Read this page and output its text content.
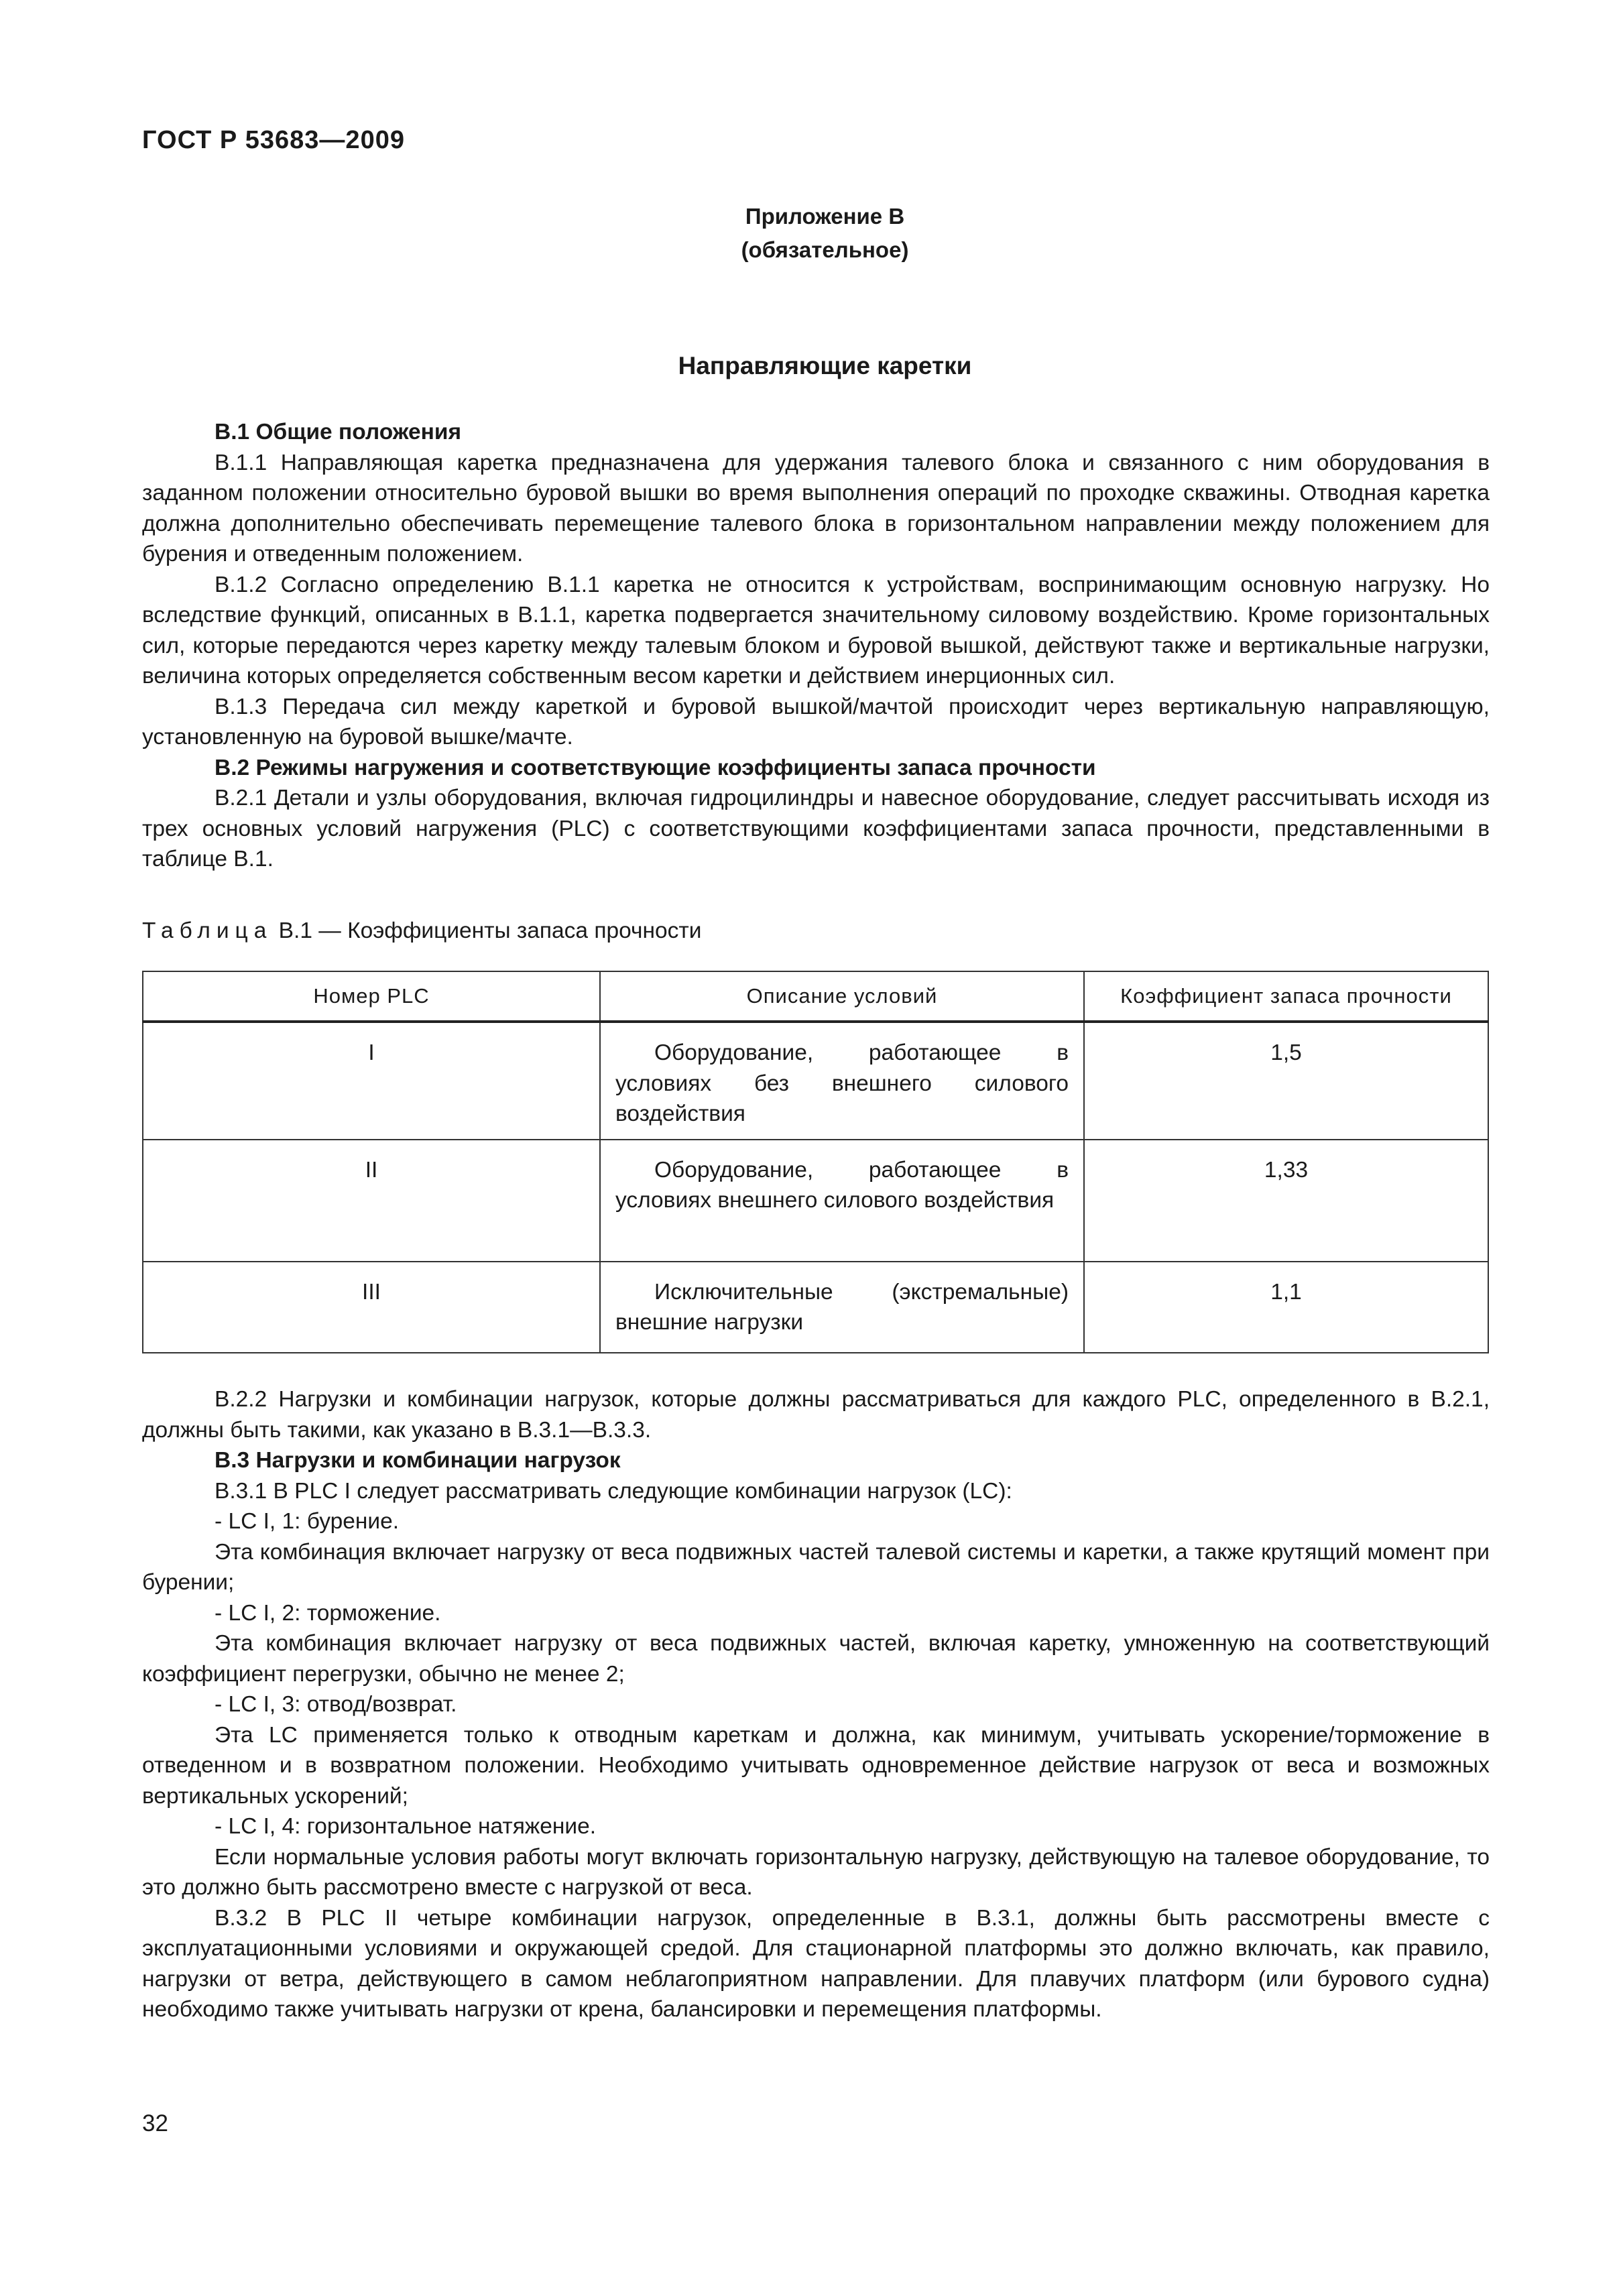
ГОСТ Р 53683—2009
Приложение В
(обязательное)
Направляющие каретки

В.1 Общие положения

В.1.1 Направляющая каретка предназначена для удержания талевого блока и связанного с ним оборудования в заданном положении относительно буровой вышки во время выполнения операций по проходке скважины. Отводная каретка должна дополнительно обеспечивать перемещение талевого блока в горизонтальном направлении между положением для бурения и отведенным положением.

В.1.2 Согласно определению В.1.1 каретка не относится к устройствам, воспринимающим основную нагрузку. Но вследствие функций, описанных в В.1.1, каретка подвергается значительному силовому воздействию. Кроме горизонтальных сил, которые передаются через каретку между талевым блоком и буровой вышкой, действуют также и вертикальные нагрузки, величина которых определяется собственным весом каретки и действием инерционных сил.

В.1.3 Передача сил между кареткой и буровой вышкой/мачтой происходит через вертикальную направляющую, установленную на буровой вышке/мачте.

В.2 Режимы нагружения и соответствующие коэффициенты запаса прочности

В.2.1 Детали и узлы оборудования, включая гидроцилиндры и навесное оборудование, следует рассчитывать исходя из трех основных условий нагружения (PLC) с соответствующими коэффициентами запаса прочности, представленными в таблице В.1.

Таблица В.1 — Коэффициенты запаса прочности
Номер PLC	Описание условий	Коэффициент запаса прочности
I	Оборудование, работающее в условиях без внешнего силового воздействия	1,5
II	Оборудование, работающее в условиях внешнего силового воздействия	1,33
III	Исключительные (экстремальные) внешние нагрузки	1,1

В.2.2 Нагрузки и комбинации нагрузок, которые должны рассматриваться для каждого PLC, определенного в В.2.1, должны быть такими, как указано в В.3.1—В.3.3.

В.3 Нагрузки и комбинации нагрузок

В.3.1 В PLC I следует рассматривать следующие комбинации нагрузок (LC):

- LC I, 1: бурение.

Эта комбинация включает нагрузку от веса подвижных частей талевой системы и каретки, а также крутящий момент при бурении;

- LC I, 2: торможение.

Эта комбинация включает нагрузку от веса подвижных частей, включая каретку, умноженную на соответствующий коэффициент перегрузки, обычно не менее 2;

- LC I, 3: отвод/возврат.

Эта LC применяется только к отводным кареткам и должна, как минимум, учитывать ускорение/торможение в отведенном и в возвратном положении. Необходимо учитывать одновременное действие нагрузок от веса и возможных вертикальных ускорений;

- LC I, 4: горизонтальное натяжение.

Если нормальные условия работы могут включать горизонтальную нагрузку, действующую на талевое оборудование, то это должно быть рассмотрено вместе с нагрузкой от веса.

В.3.2 В PLC II четыре комбинации нагрузок, определенные в В.3.1, должны быть рассмотрены вместе с эксплуатационными условиями и окружающей средой. Для стационарной платформы это должно включать, как правило, нагрузки от ветра, действующего в самом неблагоприятном направлении. Для плавучих платформ (или бурового судна) необходимо также учитывать нагрузки от крена, балансировки и перемещения платформы.

32
